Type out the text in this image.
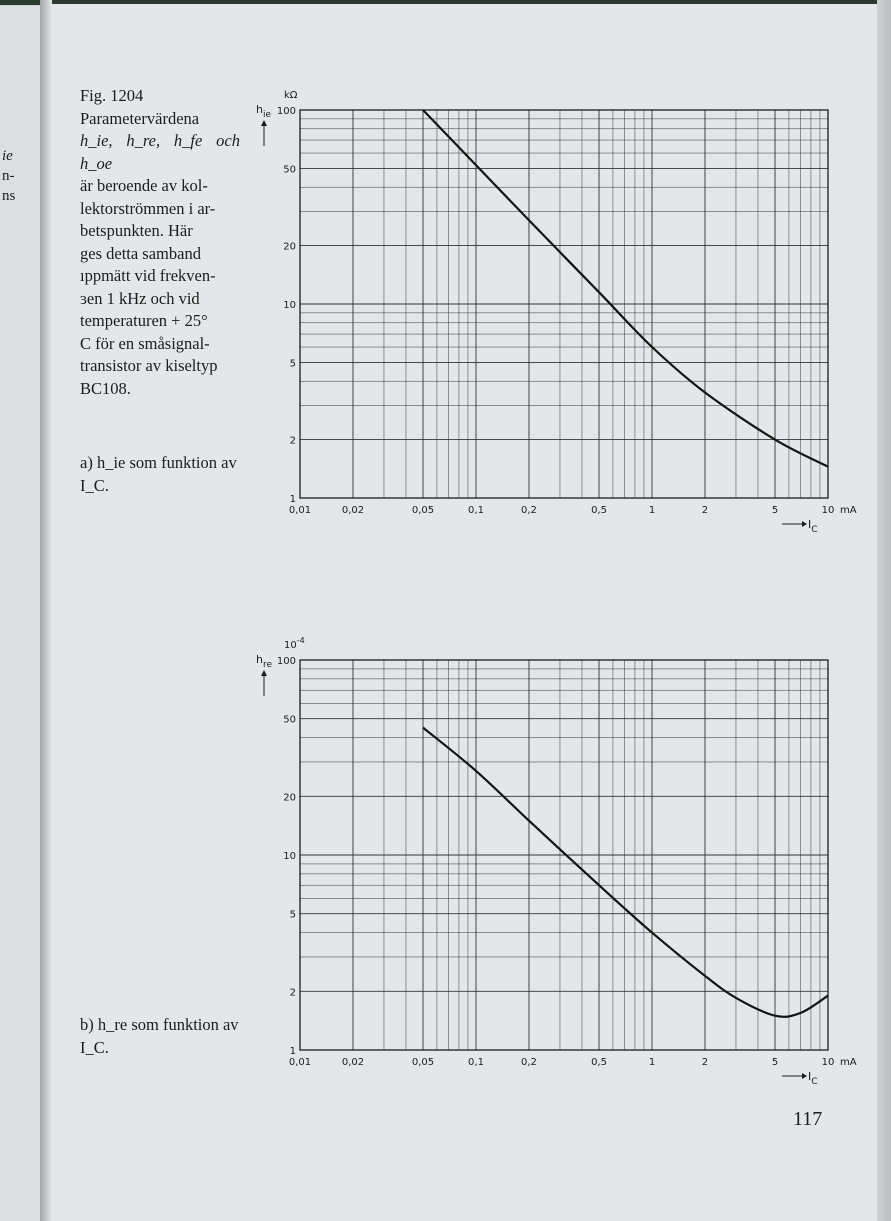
ie
n-
ns
Fig. 1204
Parametervärdena
h_ie, h_re, h_fe och h_oe
är beroende av kol-
lektorströmmen i ar-
betspunkten. Här
ges detta samband
ıppmätt vid frekven-
ɜen 1 kHz och vid
temperaturen + 25°
C för en småsignal-
transistor av kiseltyp
BC108.
a) h_ie som funktion av I_C.
b) h_re som funktion av I_C.
117
0,01	0,02	0,05	0,1	0,2	0,5	1	2	5	10
1
2
5
10
20
50
100
mA
$I_C$
$h_{ie}$
kΩ
0,01	0,02	0,05	0,1	0,2	0,5	1	2	5	10
1
2
5
10
20
50
100
mA
$I_C$
$h_{re}$
$10^{-4}$
